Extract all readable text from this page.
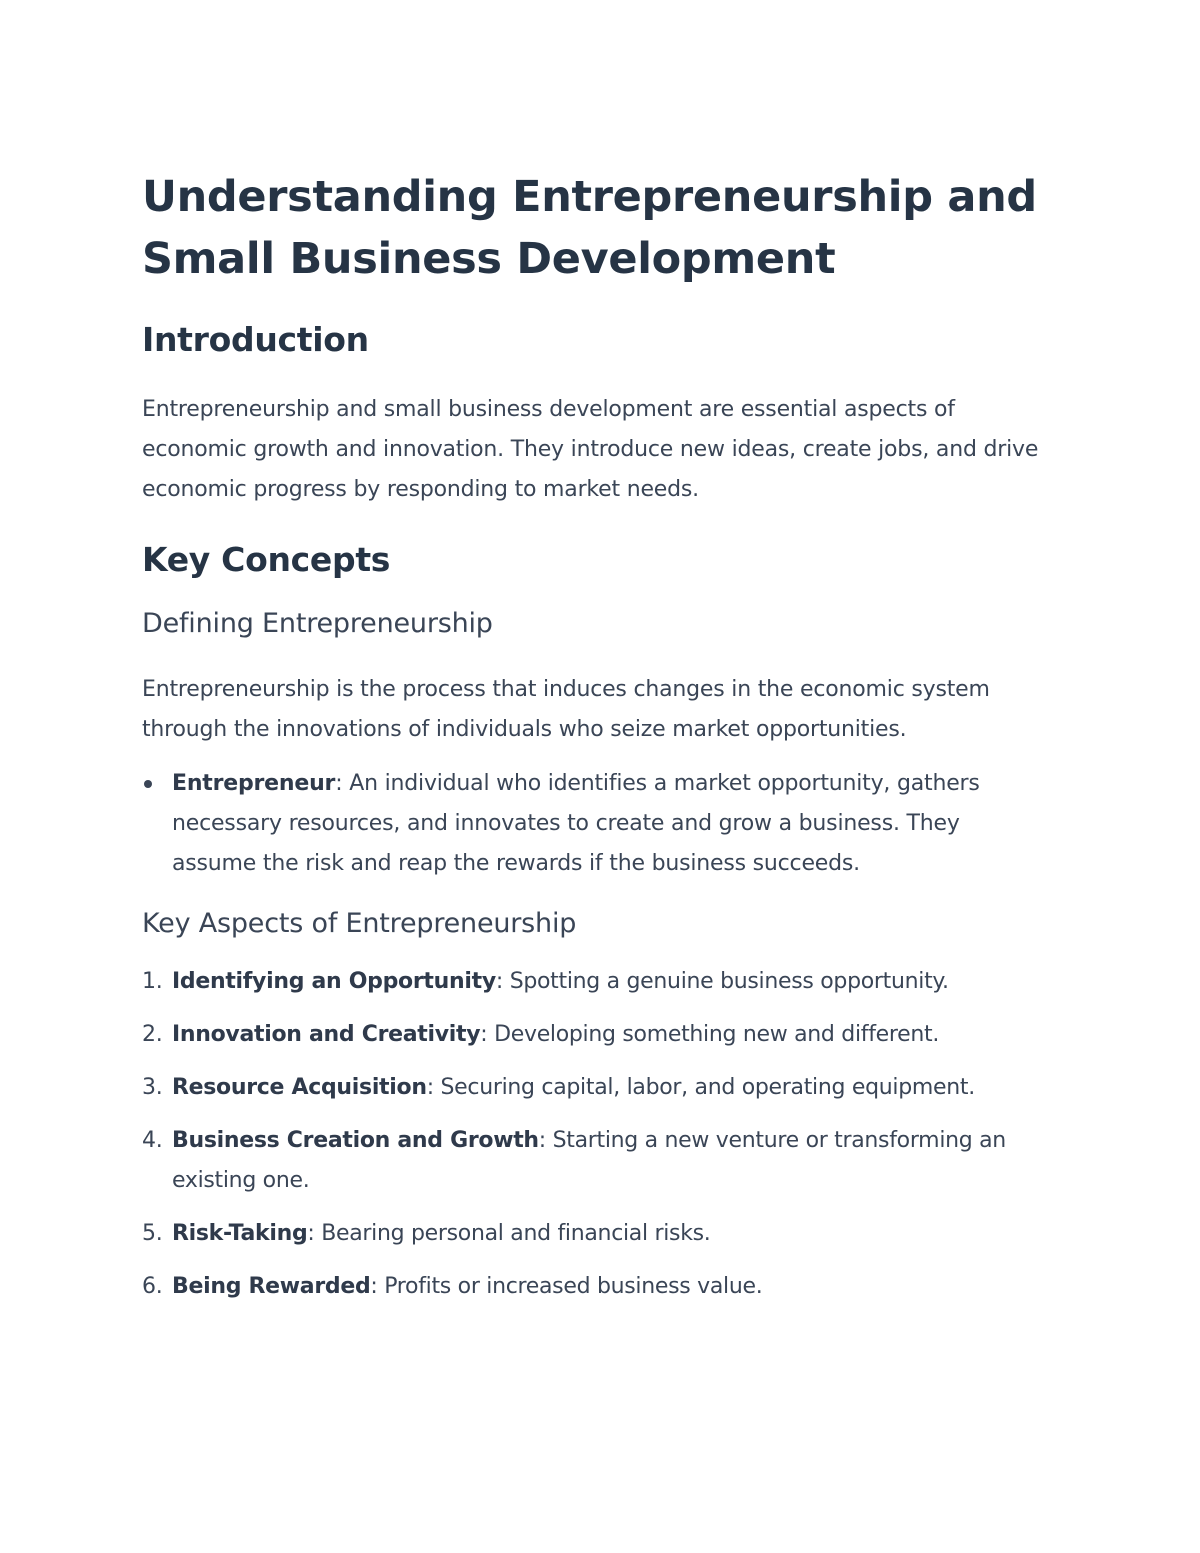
Understanding Entrepreneurship and Small Business Development
Introduction

Entrepreneurship and small business development are essential aspects of economic growth and innovation. They introduce new ideas, create jobs, and drive economic progress by responding to market needs.

Key Concepts
Defining Entrepreneurship

Entrepreneurship is the process that induces changes in the economic system through the innovations of individuals who seize market opportunities.

Entrepreneur: An individual who identifies a market opportunity, gathers necessary resources, and innovates to create and grow a business. They assume the risk and reap the rewards if the business succeeds.
Key Aspects of Entrepreneurship
1. Identifying an Opportunity: Spotting a genuine business opportunity.
2. Innovation and Creativity: Developing something new and different.
3. Resource Acquisition: Securing capital, labor, and operating equipment.
4. Business Creation and Growth: Starting a new venture or transforming an existing one.
5. Risk-Taking: Bearing personal and financial risks.
6. Being Rewarded: Profits or increased business value.
